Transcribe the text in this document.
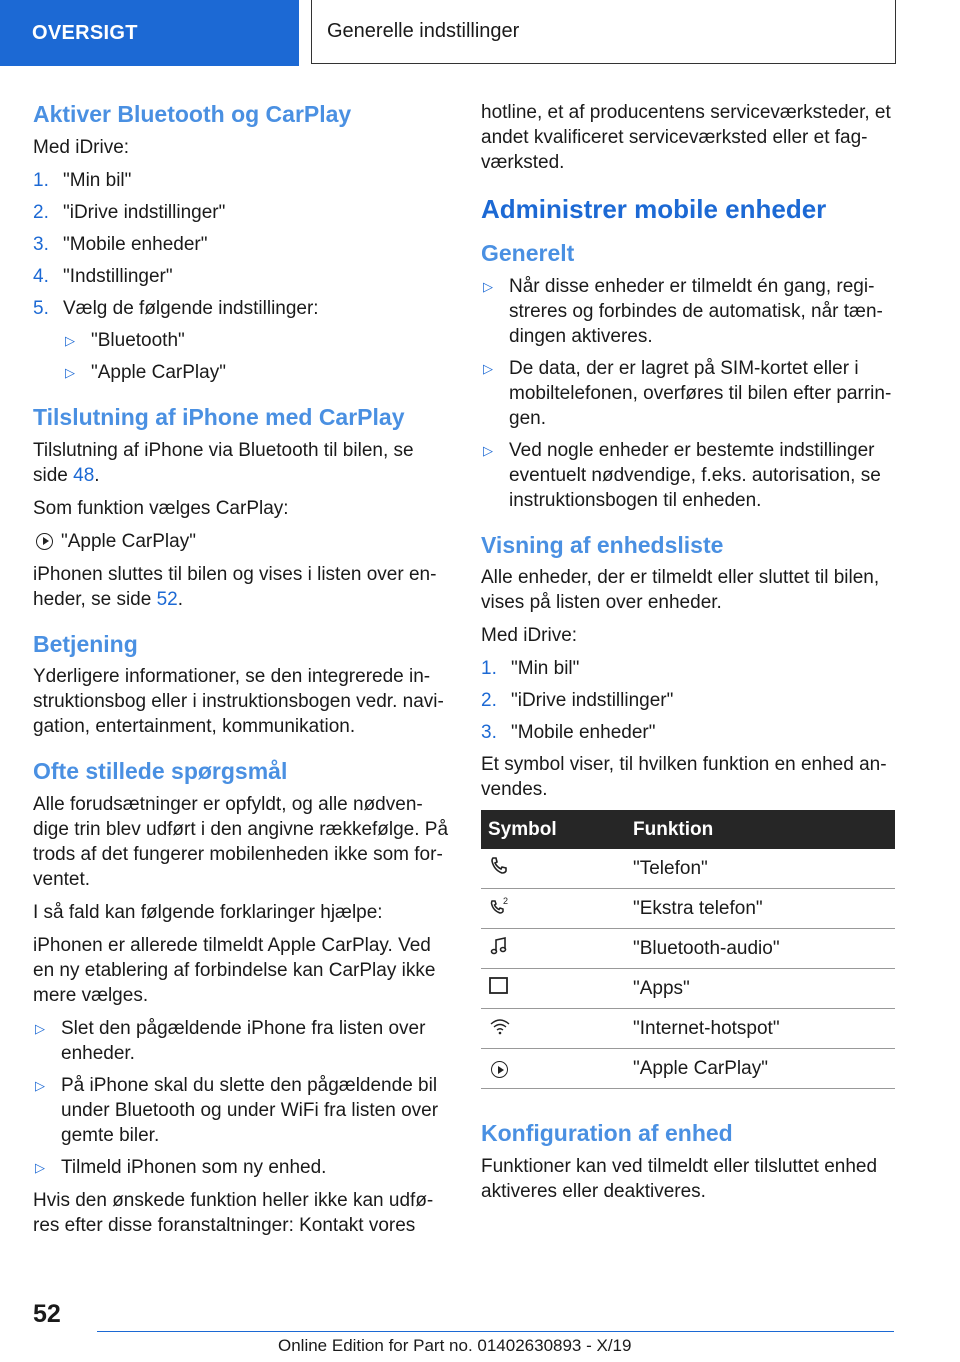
OVERSIGT	Generelle indstillinger
Aktiver Bluetooth og CarPlay

Med iDrive:

1. "Min bil"
2. "iDrive indstillinger"
3. "Mobile enheder"
4. "Indstillinger"
5. Vælg de følgende indstillinger:
▷ "Bluetooth"
▷ "Apple CarPlay"
Tilslutning af iPhone med CarPlay

Tilslutning af iPhone via Bluetooth til bilen, se side 48.

Som funktion vælges CarPlay:

"Apple CarPlay"

iPhonen sluttes til bilen og vises i listen over en-heder, se side 52.

Betjening

Yderligere informationer, se den integrerede in-struktionsbog eller i instruktionsbogen vedr. navi-gation, entertainment, kommunikation.

Ofte stillede spørgsmål

Alle forudsætninger er opfyldt, og alle nødven-dige trin blev udført i den angivne rækkefølge. På trods af det fungerer mobilenheden ikke som for-ventet.

I så fald kan følgende forklaringer hjælpe:

iPhonen er allerede tilmeldt Apple CarPlay. Ved en ny etablering af forbindelse kan CarPlay ikke mere vælges.

▷ Slet den pågældende iPhone fra listen over enheder.
▷ På iPhone skal du slette den pågældende bil under Bluetooth og under WiFi fra listen over gemte biler.
▷ Tilmeld iPhonen som ny enhed.

Hvis den ønskede funktion heller ikke kan udfø-res efter disse foranstaltninger: Kontakt vores

hotline, et af producentens serviceværksteder, et andet kvalificeret serviceværksted eller et fag-værksted.

Administrer mobile enheder
Generelt
▷ Når disse enheder er tilmeldt én gang, regi-streres og forbindes de automatisk, når tæn-dingen aktiveres.
▷ De data, der er lagret på SIM-kortet eller i mobiltelefonen, overføres til bilen efter parrin-gen.
▷ Ved nogle enheder er bestemte indstillinger eventuelt nødvendige, f.eks. autorisation, se instruktionsbogen til enheden.
Visning af enhedsliste

Alle enheder, der er tilmeldt eller sluttet til bilen, vises på listen over enheder.

Med iDrive:

1. "Min bil"
2. "iDrive indstillinger"
3. "Mobile enheder"

Et symbol viser, til hvilken funktion en enhed an-vendes.

Symbol	Funktion
	"Telefon"

2	"Ekstra telefon"
	"Bluetooth-audio"
	"Apps"
	"Internet-hotspot"
	"Apple CarPlay"
Konfiguration af enhed

Funktioner kan ved tilmeldt eller tilsluttet enhed aktiveres eller deaktiveres.

52
Online Edition for Part no. 01402630893 - X/19
